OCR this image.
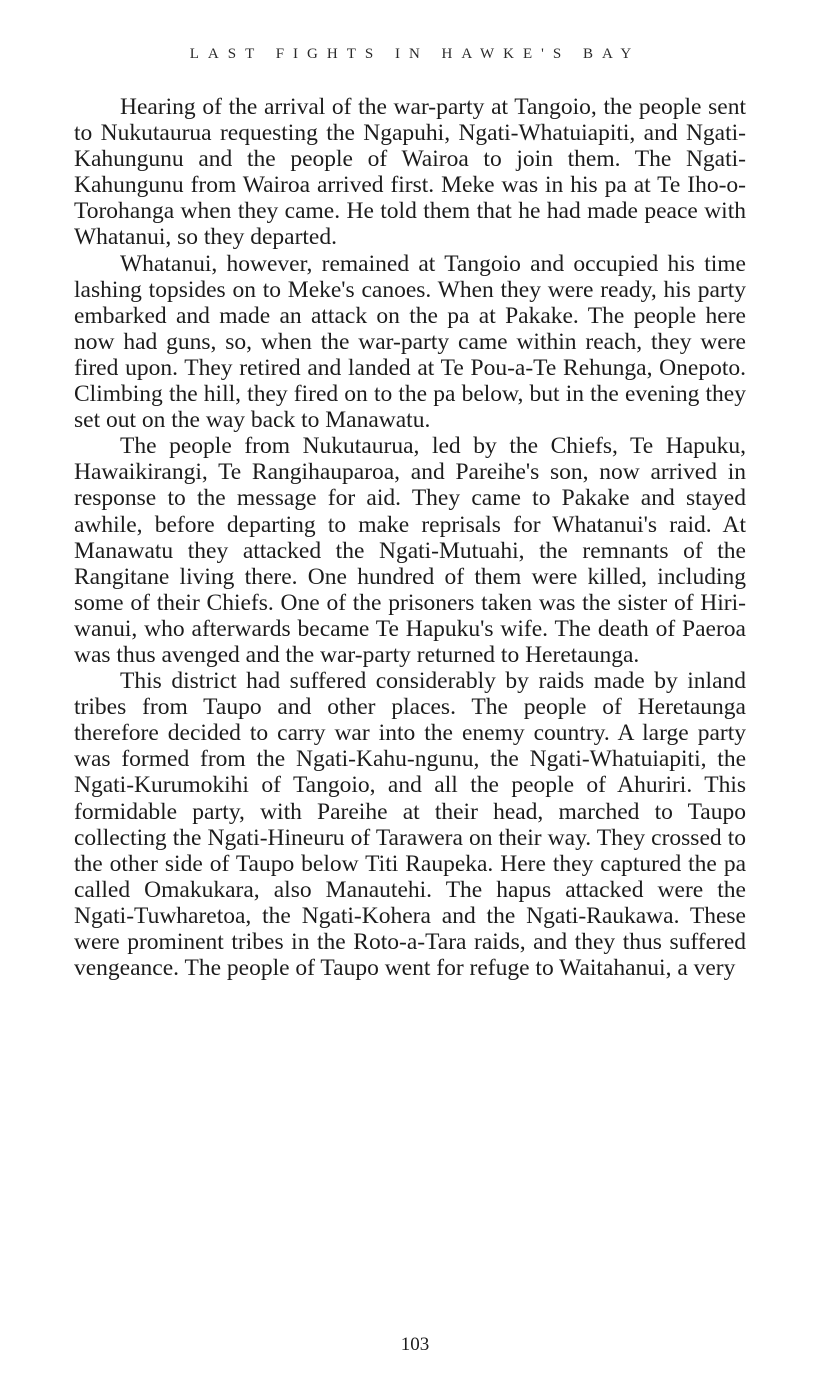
LAST FIGHTS IN HAWKE'S BAY

Hearing of the arrival of the war-party at Tangoio, the people sent to Nukutaurua requesting the Ngapuhi, Ngati-Whatuiapiti, and Ngati-Kahungunu and the people of Wairoa to join them. The Ngati-Kahungunu from Wairoa arrived first. Meke was in his pa at Te Iho-o-Torohanga when they came. He told them that he had made peace with Whatanui, so they departed.

Whatanui, however, remained at Tangoio and occupied his time lashing topsides on to Meke's canoes. When they were ready, his party embarked and made an attack on the pa at Pakake. The people here now had guns, so, when the war-party came within reach, they were fired upon. They retired and landed at Te Pou-a-Te Rehunga, Onepoto. Climbing the hill, they fired on to the pa below, but in the evening they set out on the way back to Manawatu.

The people from Nukutaurua, led by the Chiefs, Te Hapuku, Hawaikirangi, Te Rangihauparoa, and Pareihe's son, now arrived in response to the message for aid. They came to Pakake and stayed awhile, before departing to make reprisals for Whatanui's raid. At Manawatu they attacked the Ngati-Mutuahi, the remnants of the Rangitane living there. One hundred of them were killed, including some of their Chiefs. One of the prisoners taken was the sister of Hiri-wanui, who afterwards became Te Hapuku's wife. The death of Paeroa was thus avenged and the war-party returned to Heretaunga.

This district had suffered considerably by raids made by inland tribes from Taupo and other places. The people of Heretaunga therefore decided to carry war into the enemy country. A large party was formed from the Ngati-Kahu-ngunu, the Ngati-Whatuiapiti, the Ngati-Kurumokihi of Tangoio, and all the people of Ahuriri. This formidable party, with Pareihe at their head, marched to Taupo collecting the Ngati-Hineuru of Tarawera on their way. They crossed to the other side of Taupo below Titi Raupeka. Here they captured the pa called Omakukara, also Manautehi. The hapus attacked were the Ngati-Tuwharetoa, the Ngati-Kohera and the Ngati-Raukawa. These were prominent tribes in the Roto-a-Tara raids, and they thus suffered vengeance. The people of Taupo went for refuge to Waitahanui, a very

103
